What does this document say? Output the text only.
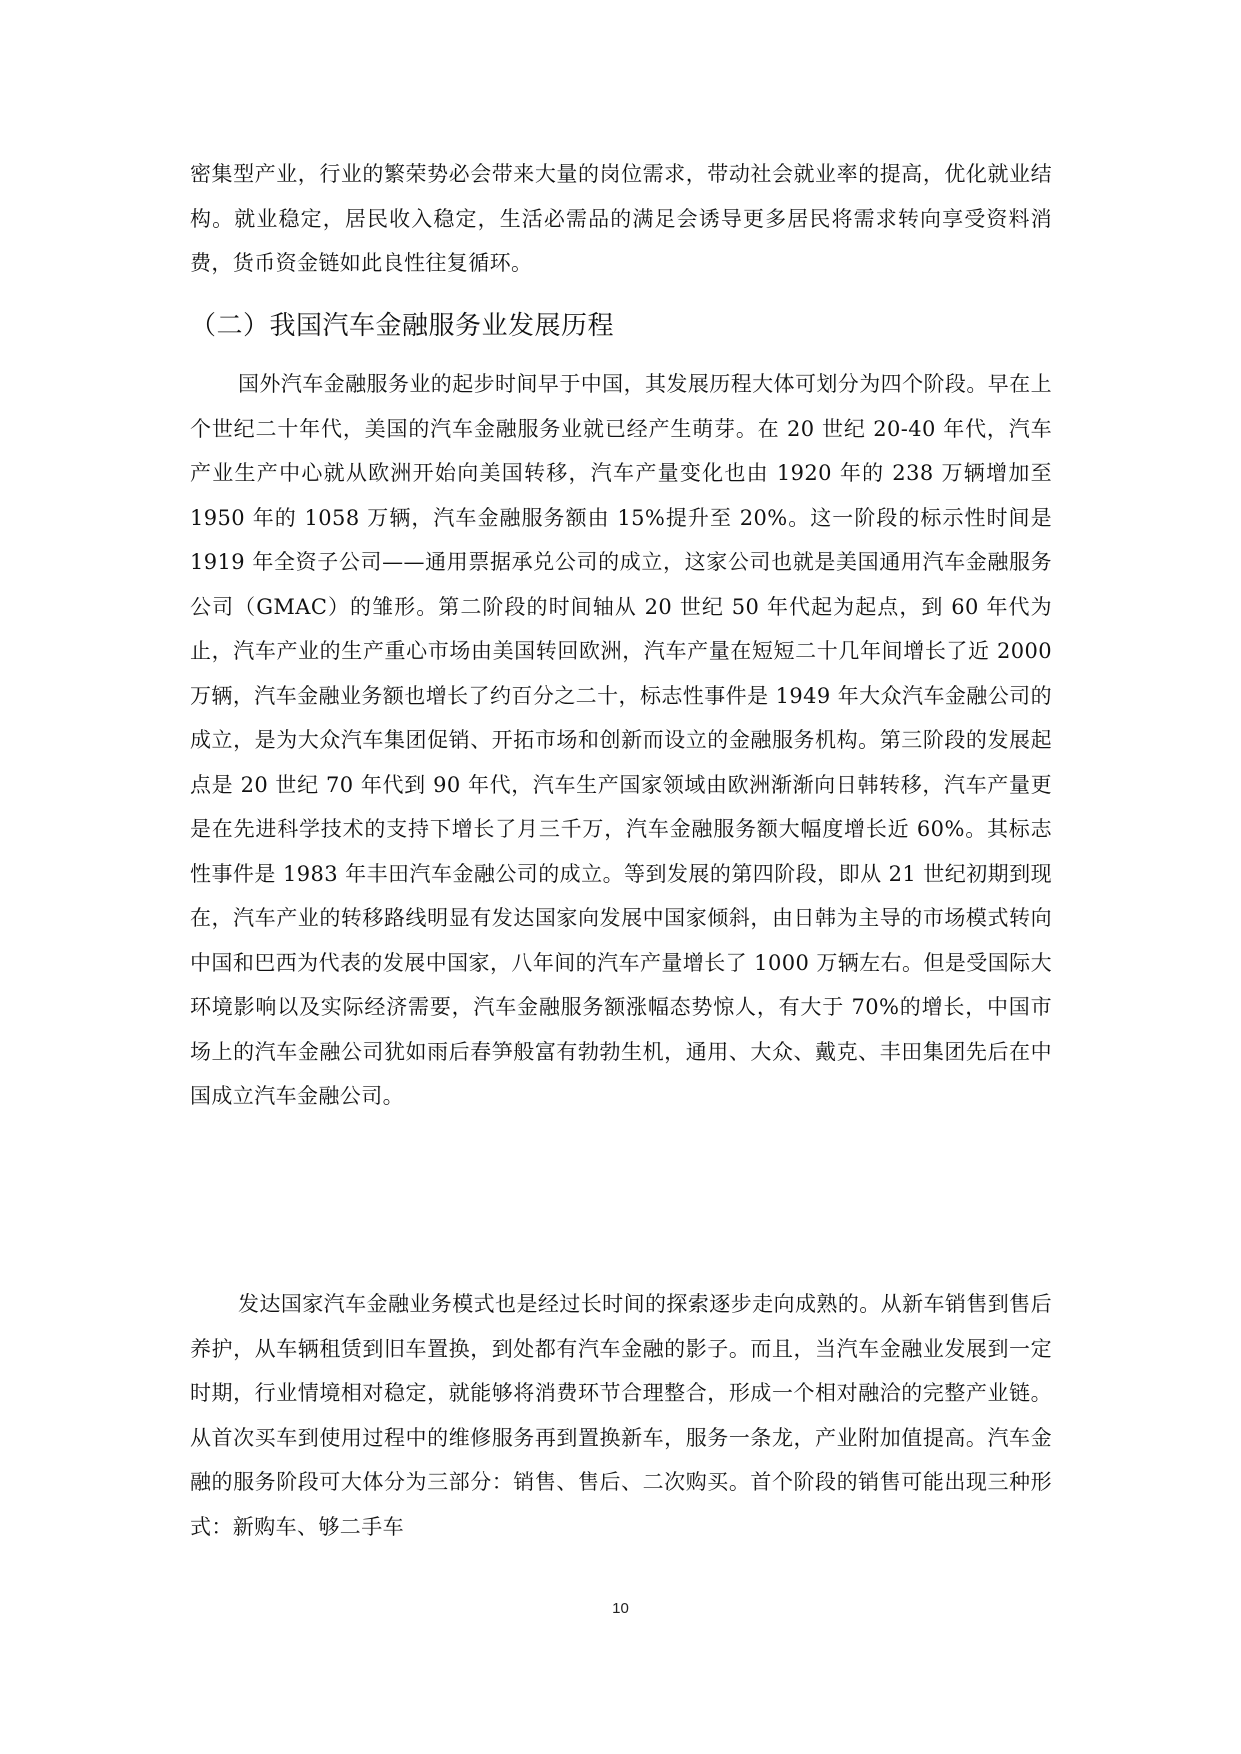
密集型产业，行业的繁荣势必会带来大量的岗位需求，带动社会就业率的提高，优化就业结构。就业稳定，居民收入稳定，生活必需品的满足会诱导更多居民将需求转向享受资料消费，货币资金链如此良性往复循环。

（二）我国汽车金融服务业发展历程

国外汽车金融服务业的起步时间早于中国，其发展历程大体可划分为四个阶段。早在上个世纪二十年代，美国的汽车金融服务业就已经产生萌芽。在 20 世纪 20-40 年代，汽车产业生产中心就从欧洲开始向美国转移，汽车产量变化也由 1920 年的 238 万辆增加至 1950 年的 1058 万辆，汽车金融服务额由 15%提升至 20%。这一阶段的标示性时间是 1919 年全资子公司——通用票据承兑公司的成立，这家公司也就是美国通用汽车金融服务公司（GMAC）的雏形。第二阶段的时间轴从 20 世纪 50 年代起为起点，到 60 年代为止，汽车产业的生产重心市场由美国转回欧洲，汽车产量在短短二十几年间增长了近 2000 万辆，汽车金融业务额也增长了约百分之二十，标志性事件是 1949 年大众汽车金融公司的成立，是为大众汽车集团促销、开拓市场和创新而设立的金融服务机构。第三阶段的发展起点是 20 世纪 70 年代到 90 年代，汽车生产国家领域由欧洲渐渐向日韩转移，汽车产量更是在先进科学技术的支持下增长了月三千万，汽车金融服务额大幅度增长近 60%。其标志性事件是 1983 年丰田汽车金融公司的成立。等到发展的第四阶段，即从 21 世纪初期到现在，汽车产业的转移路线明显有发达国家向发展中国家倾斜，由日韩为主导的市场模式转向中国和巴西为代表的发展中国家，八年间的汽车产量增长了 1000 万辆左右。但是受国际大环境影响以及实际经济需要，汽车金融服务额涨幅态势惊人，有大于 70%的增长，中国市场上的汽车金融公司犹如雨后春笋般富有勃勃生机，通用、大众、戴克、丰田集团先后在中国成立汽车金融公司。

发达国家汽车金融业务模式也是经过长时间的探索逐步走向成熟的。从新车销售到售后养护，从车辆租赁到旧车置换，到处都有汽车金融的影子。而且，当汽车金融业发展到一定时期，行业情境相对稳定，就能够将消费环节合理整合，形成一个相对融洽的完整产业链。从首次买车到使用过程中的维修服务再到置换新车，服务一条龙，产业附加值提高。汽车金融的服务阶段可大体分为三部分：销售、售后、二次购买。首个阶段的销售可能出现三种形式：新购车、够二手车

10
